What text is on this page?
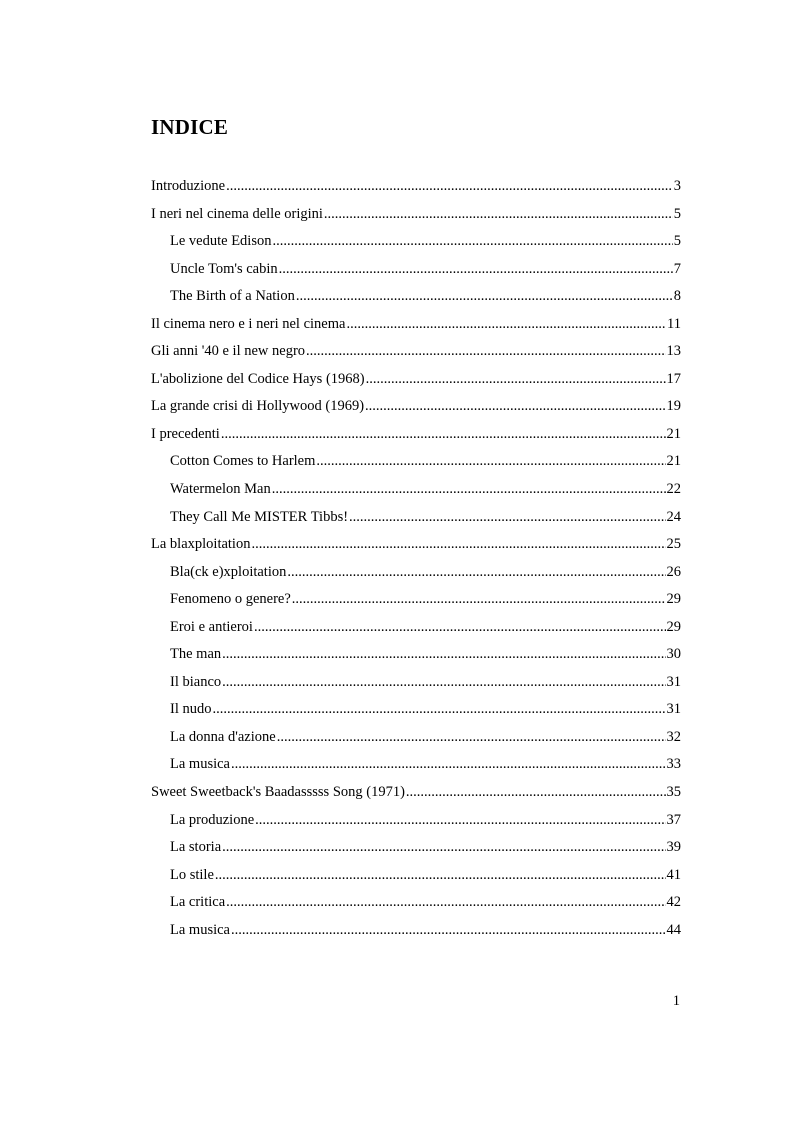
INDICE
Introduzione .....	3
I neri nel cinema delle origini .....	5
Le vedute Edison .....	5
Uncle Tom's cabin .....	7
The Birth of a Nation .....	8
Il cinema nero e i neri nel cinema .....	11
Gli anni '40 e il new negro .....	13
L'abolizione del Codice Hays (1968) .....	17
La grande crisi di Hollywood (1969) .....	19
I precedenti .....	21
Cotton Comes to Harlem .....	21
Watermelon Man .....	22
They Call Me MISTER Tibbs! .....	24
La blaxploitation .....	25
Bla(ck e)xploitation .....	26
Fenomeno o genere? .....	29
Eroi e antieroi .....	29
The man .....	30
Il bianco .....	31
Il nudo .....	31
La donna d'azione .....	32
La musica .....	33
Sweet Sweetback's Baadasssss Song (1971) .....	35
La produzione .....	37
La storia .....	39
Lo stile .....	41
La critica .....	42
La musica .....	44
1
